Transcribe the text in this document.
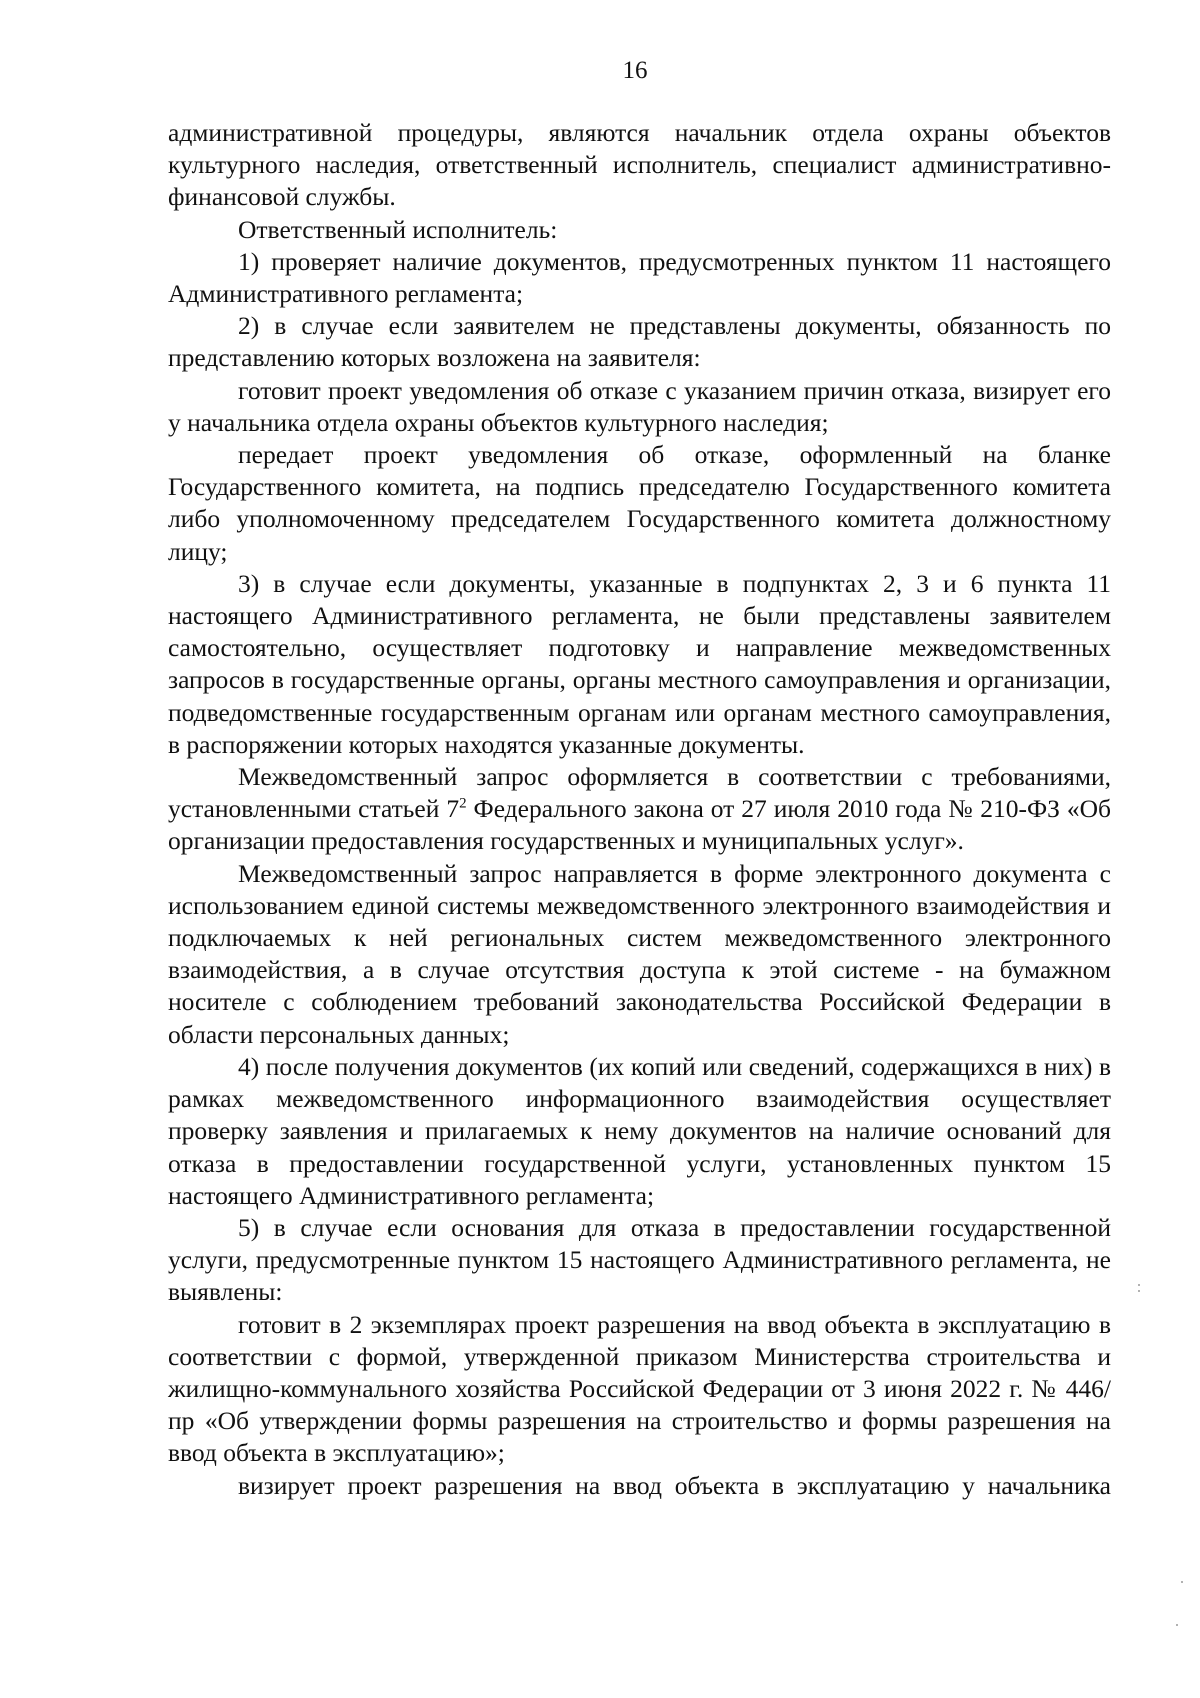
16

административной процедуры, являются начальник отдела охраны объектов культурного наследия, ответственный исполнитель, специалист административно-финансовой службы.

Ответственный исполнитель:

1) проверяет наличие документов, предусмотренных пунктом 11 настоящего Административного регламента;

2) в случае если заявителем не представлены документы, обязанность по представлению которых возложена на заявителя:

готовит проект уведомления об отказе с указанием причин отказа, визирует его у начальника отдела охраны объектов культурного наследия;

передает проект уведомления об отказе, оформленный на бланке Государственного комитета, на подпись председателю Государственного комитета либо уполномоченному председателем Государственного комитета должностному лицу;

3) в случае если документы, указанные в подпунктах 2, 3 и 6 пункта 11 настоящего Административного регламента, не были представлены заявителем самостоятельно, осуществляет подготовку и направление межведомственных запросов в государственные органы, органы местного самоуправления и организации, подведомственные государственным органам или органам местного самоуправления, в распоряжении которых находятся указанные документы.

Межведомственный запрос оформляется в соответствии с требованиями, установленными статьей $7^2$ Федерального закона от 27 июля 2010 года № 210-ФЗ «Об организации предоставления государственных и муниципальных услуг».

Межведомственный запрос направляется в форме электронного документа с использованием единой системы межведомственного электронного взаимодействия и подключаемых к ней региональных систем межведомственного электронного взаимодействия, а в случае отсутствия доступа к этой системе - на бумажном носителе с соблюдением требований законодательства Российской Федерации в области персональных данных;

4) после получения документов (их копий или сведений, содержащихся в них) в рамках межведомственного информационного взаимодействия осуществляет проверку заявления и прилагаемых к нему документов на наличие оснований для отказа в предоставлении государственной услуги, установленных пунктом 15 настоящего Административного регламента;

5) в случае если основания для отказа в предоставлении государственной услуги, предусмотренные пунктом 15 настоящего Административного регламента, не выявлены:

готовит в 2 экземплярах проект разрешения на ввод объекта в эксплуатацию в соответствии с формой, утвержденной приказом Министерства строительства и жилищно-коммунального хозяйства Российской Федерации от 3 июня 2022 г. № 446/пр «Об утверждении формы разрешения на строительство и формы разрешения на ввод объекта в эксплуатацию»;

визирует проект разрешения на ввод объекта в эксплуатацию у начальника
